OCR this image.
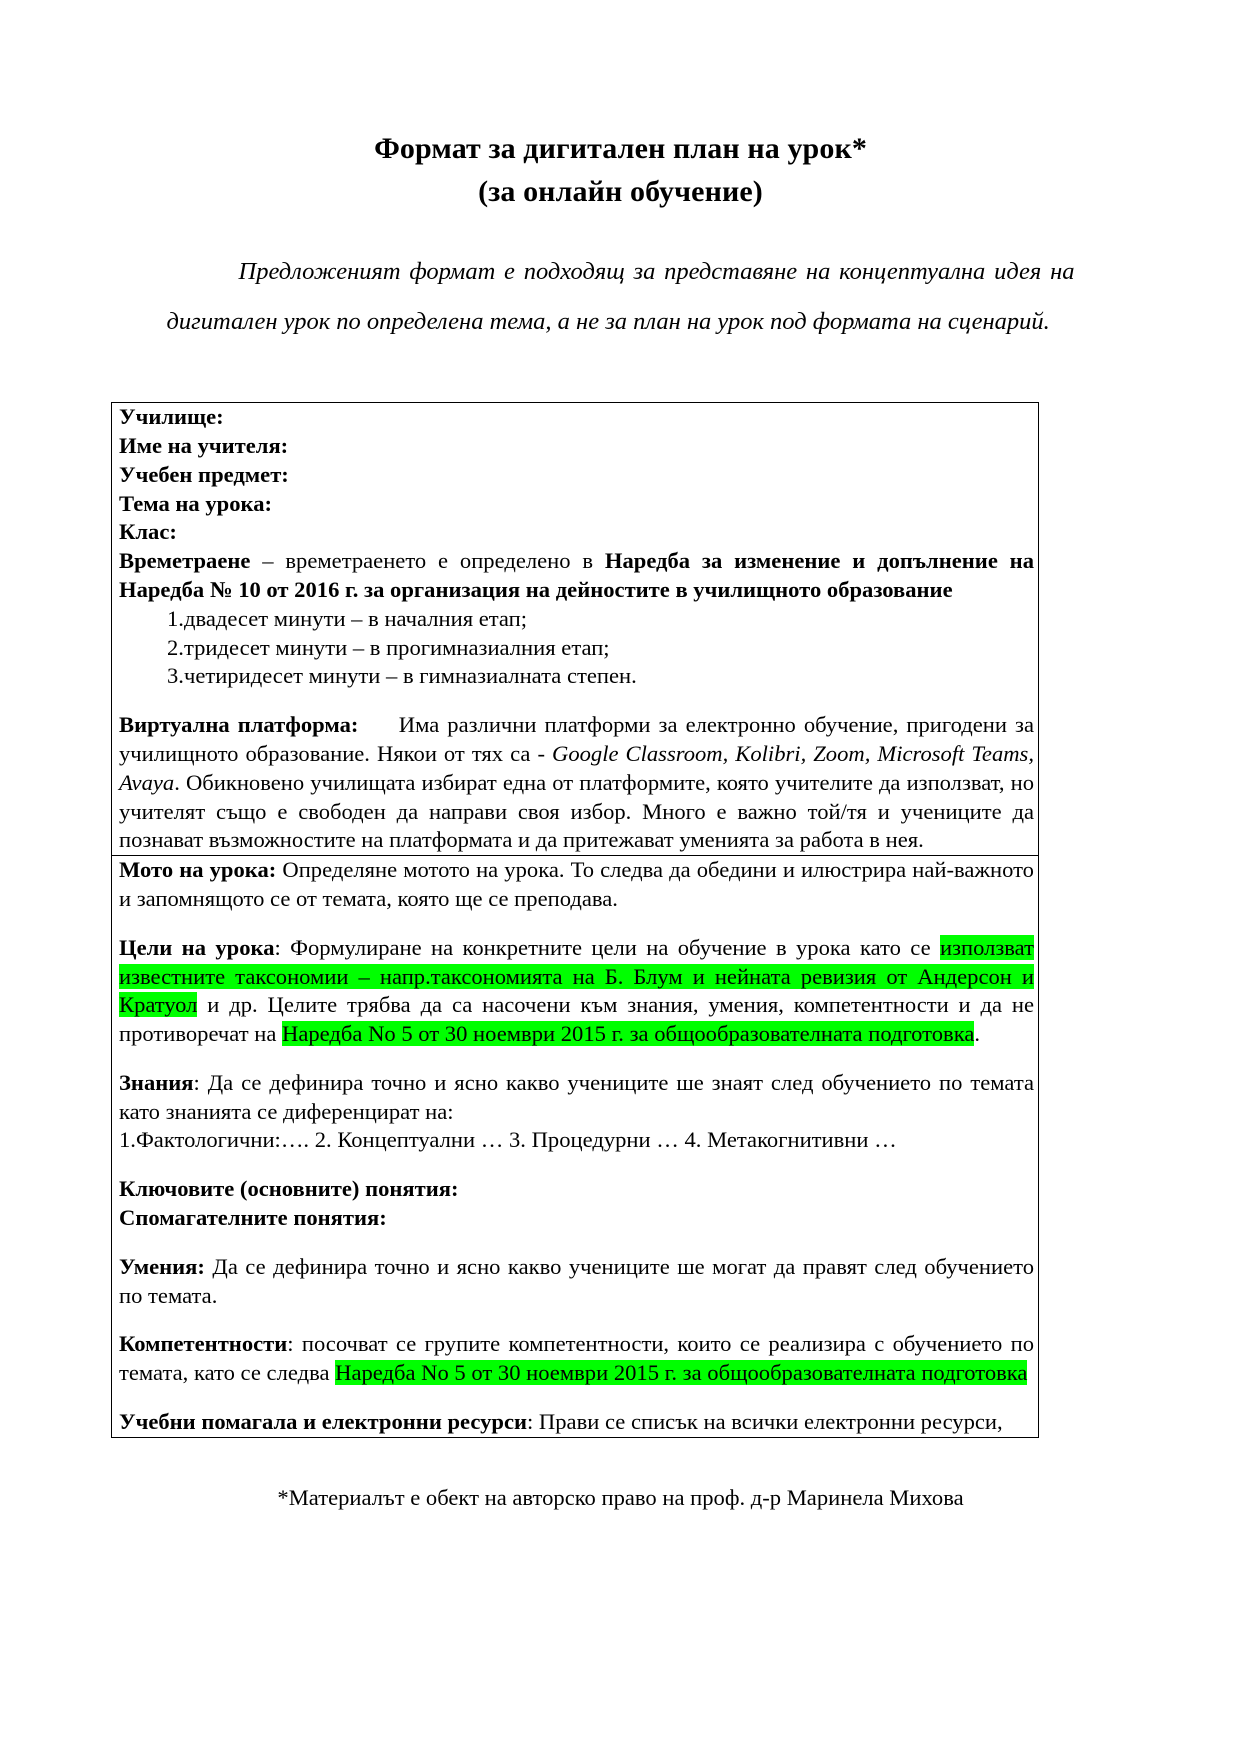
Формат за дигитален план на урок*
(за онлайн обучение)
Предложеният формат е подходящ за представяне на концептуална идея на дигитален урок по определена тема, а не за план на урок под формата на сценарий.

Училище:

Име на учителя:

Учебен предмет:

Тема на урока:

Клас:

Времетраене – времетраенето е определено в Наредба за изменение и допълнение на Наредба № 10 от 2016 г. за организация на дейностите в училищното образование

1.двадесет минути – в началния етап;
2.тридесет минути – в прогимназиалния етап;
3.четиридесет минути – в гимназиалната степен.

Виртуална платформа: Има различни платформи за електронно обучение, пригодени за училищното образование. Някои от тях са - Google Classroom, Kolibri, Zoom, Microsoft Teams, Avaya. Обикновено училищата избират една от платформите, която учителите да използват, но учителят също е свободен да направи своя избор. Много е важно той/тя и учениците да познават възможностите на платформата и да притежават уменията за работа в нея.

Мото на урока: Определяне мотото на урока. То следва да обедини и илюстрира най-важното и запомнящото се от темата, която ще се преподава.

Цели на урока: Формулиране на конкретните цели на обучение в урока като се използват известните таксономии – напр.таксономията на Б. Блум и нейната ревизия от Андерсон и Кратуол и др. Целите трябва да са насочени към знания, умения, компетентности и да не противоречат на Наредба No 5 от 30 ноември 2015 г. за общообразователната подготовка.

Знания: Да се дефинира точно и ясно какво учениците ше знаят след обучението по темата като знанията се диференцират на:

1.Фактологични:…. 2. Концептуални … 3. Процедурни … 4. Метакогнитивни …

Ключовите (основните) понятия:

Спомагателните понятия:

Умения: Да се дефинира точно и ясно какво учениците ше могат да правят след обучението по темата.

Компетентности: посочват се групите компетентности, които се реализира с обучението по темата, като се следва Наредба No 5 от 30 ноември 2015 г. за общообразователната подготовка

Учебни помагала и електронни ресурси: Прави се списък на всички електронни ресурси,

*Материалът е обект на авторско право на проф. д-р Маринела Михова
